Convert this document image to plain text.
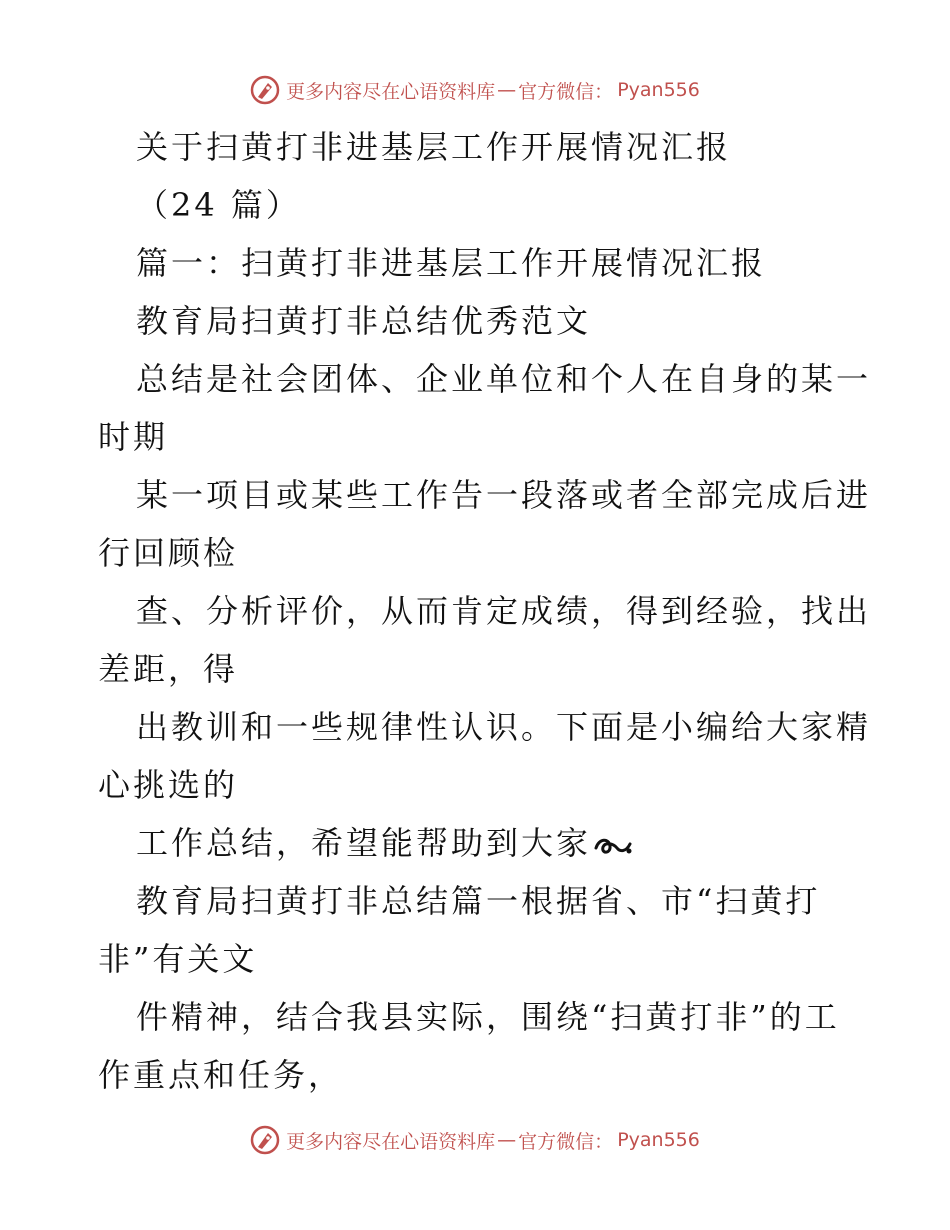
更多内容尽在心语资料库 — 官方微信： Pyan556
关于扫黄打非进基层工作开展情况汇报
（24 篇）
篇一：扫黄打非进基层工作开展情况汇报
教育局扫黄打非总结优秀范文
总结是社会团体、企业单位和个人在自身的某一
时期
某一项目或某些工作告一段落或者全部完成后进
行回顾检
查、分析评价，从而肯定成绩，得到经验，找出
差距，得
出教训和一些规律性认识。下面是小编给大家精
心挑选的
工作总结，希望能帮助到大家
教育局扫黄打非总结篇一根据省、市“扫黄打
非”有关文
件精神，结合我县实际，围绕“扫黄打非”的工
作重点和任务，
更多内容尽在心语资料库 — 官方微信： Pyan556
